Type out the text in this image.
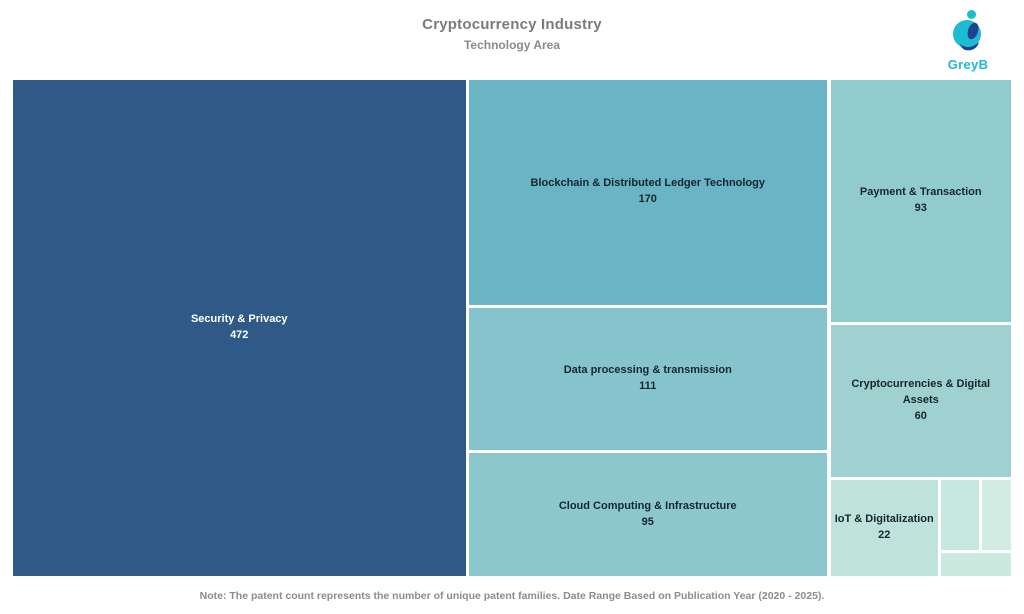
Cryptocurrency Industry
Technology Area
GreyB
Security & Privacy
472
Blockchain & Distributed Ledger Technology
170
Data processing & transmission
111
Cloud Computing & Infrastructure
95
Payment & Transaction
93
Cryptocurrencies & Digital Assets
60
IoT & Digitalization
22
Note: The patent count represents the number of unique patent families. Date Range Based on Publication Year (2020 - 2025).
